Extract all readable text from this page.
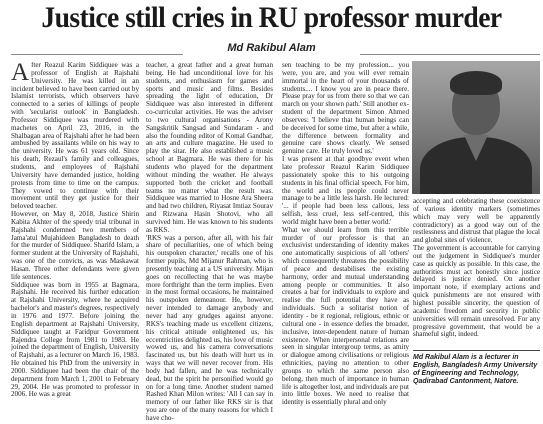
Justice still cries in RU professor murder
Md Rakibul Alam

After Reazul Karim Siddiquee was a professor of English at Rajshahi University. He was killed in an incident believed to have been carried out by Islamist terrorists, which observers have connected to a series of killings of people with 'secularist outlook' in Bangladesh. Professor Siddiquee was murdered with machetes on April 23, 2016, in the Shalbagan area of Rajshahi after he had been ambushed by assailants while on his way to the university. He was 61 years old. Since his death, Rezaul's family and colleagues, students, and employees of Rajshahi University have demanded justice, holding protests from time to time on the campus. They vowed to continue with their movement until they get justice for their beloved teacher.

However, on May 8, 2018, Justice Shirin Kabita Akhter of the speedy trial tribunal in Rajshahi condemned two members of Jama'atul Mujahideen Bangladesh to death for the murder of Siddiquee. Sharifd Islam, a former student at the University of Rajshahi, was one of the convicts, as was Maskawat Hasan. Three other defendants were given life sentences.

Siddiquee was born in 1955 at Bagmara, Rajshahi. He received his further education at Rajshahi University, where he acquired bachelor's and master's degrees, respectively in 1976 and 1977. Before joining the English department at Rajshahi University, Siddiquee taught at Faridpur Government Rajendra College from 1981 to 1983. He joined the department of English, University of Rajshahi, as a lecturer on March 16, 1983. He obtained his PhD from the university in 2000. Siddiquee had been the chair of the department from March 1, 2001 to February 29, 2004. He was promoted to professor in 2006. He was a great

teacher, a great father and a great human being. He had unconditional love for his students, and enthusiasm for games and sports and music and films. Besides spreading the light of education, Dr Siddiquee was also interested in different co-curricular activities. He was the adviser to two cultural organisations - Arony Sangskritik Sangsad and Sundaram - and also the founding editor of Komal Gandhar, an arts and culture magazine. He used to play the sitar. He also established a music school at Bagmara. He was there for his students who played for the department without minding the weather. He always supported both the cricket and football teams no matter what the result was. Siddiquee was married to Hosne Ara Sheera and had two children, Riyasat Imtiaz Sourav and Rizwana Hasin Shotovi, who all survived him. He was known to his students as RKS.

'RKS was a person, after all, with his fair share of peculiarities, one of which being his outspoken character,' recalls one of his former pupils, Md Mijanur Rahman, who is presently teaching at a US university. Mijan goes on recollecting that he was maybe more forthright than the term implies. Even in the most formal occasions, he maintained his outspoken demeanour. He, however, never intended to damage anybody and never had any grudges against anyone. RKS's teaching made us excellent citizens, his critical attitude enlightened us, his eccentricities delighted us, his love of music wowed us, and his camera conversations fascinated us, but his death will hurt us in ways that we will never recover from. His body had fallen, and he was technically dead, but the spirit he personified would go on for a long time. Another student named Rashed Khan Milon writes: 'All I can say in memory of our father like RKS sir is that you are one of the many reasons for which I have cho-

sen teaching to be my profession... you were, you are, and you will ever remain immortal in the heart of your thousands of students.... I know you are in peace there. Please pray for us from there so that we can march on your shown path.' Still another ex-student of the department Simon Ahmed observes: 'I believe that human beings can be deceived for some time, but after a while, the difference between formality and genuine care shows clearly. We sensed genuine care. He truly loved us.'

I was present at that goodbye event when late professor Reazul Karim Siddiquee passionately spoke this to his outgoing students in his final official speech. For him, the world and its people could never manage to be a little less harsh. He lectured: '... if people had been less callous, less selfish, less cruel, less self-centred, this world might have been a better world.'

What we should learn from this terrible murder of our professor is that an exclusivist understanding of identity makes one automatically suspicious of all 'others' which consequently threatens the possibility of peace and destabilises the existing harmony, order and mutual understanding among people or communities. It also creates a bar for individuals to explore and realise the full potential they have as individuals. Such a solitarist notion of identity - be it regional, religious, ethnic or cultural one - in essence defies the broader, inclusive, inter-dependent nature of human existence. When interpersonal relations are seen in singular intergroup terms, as amity or dialogue among civilisations or religious ethnicities, paying no attention to other groups to which the same person also belong, then much of importance in human life is altogether lost, and individuals are put into little boxes. We need to realise that identity is essentially plural and only

accepting and celebrating these coexistence of various identity markers (sometimes which may very well be apparently contradictory) as a good way out of the restlessness and distrust that plague the local and global sites of violence.

The government is accountable for carrying out the judgement in Siddiquee's murder case as quickly as possible. In this case, the authorities must act honestly since justice delayed is justice denied. On another important note, if exemplary actions and quick punishments are not ensured with highest possible sincerity, the question of academic freedom and security in public universities will remain unresolved. For any progressive government, that would be a shameful sight, indeed.

Md Rakibul Alam is a lecturer in English, Bangladesh Army University of Engineering and Technology, Qadirabad Cantonment, Natore.
